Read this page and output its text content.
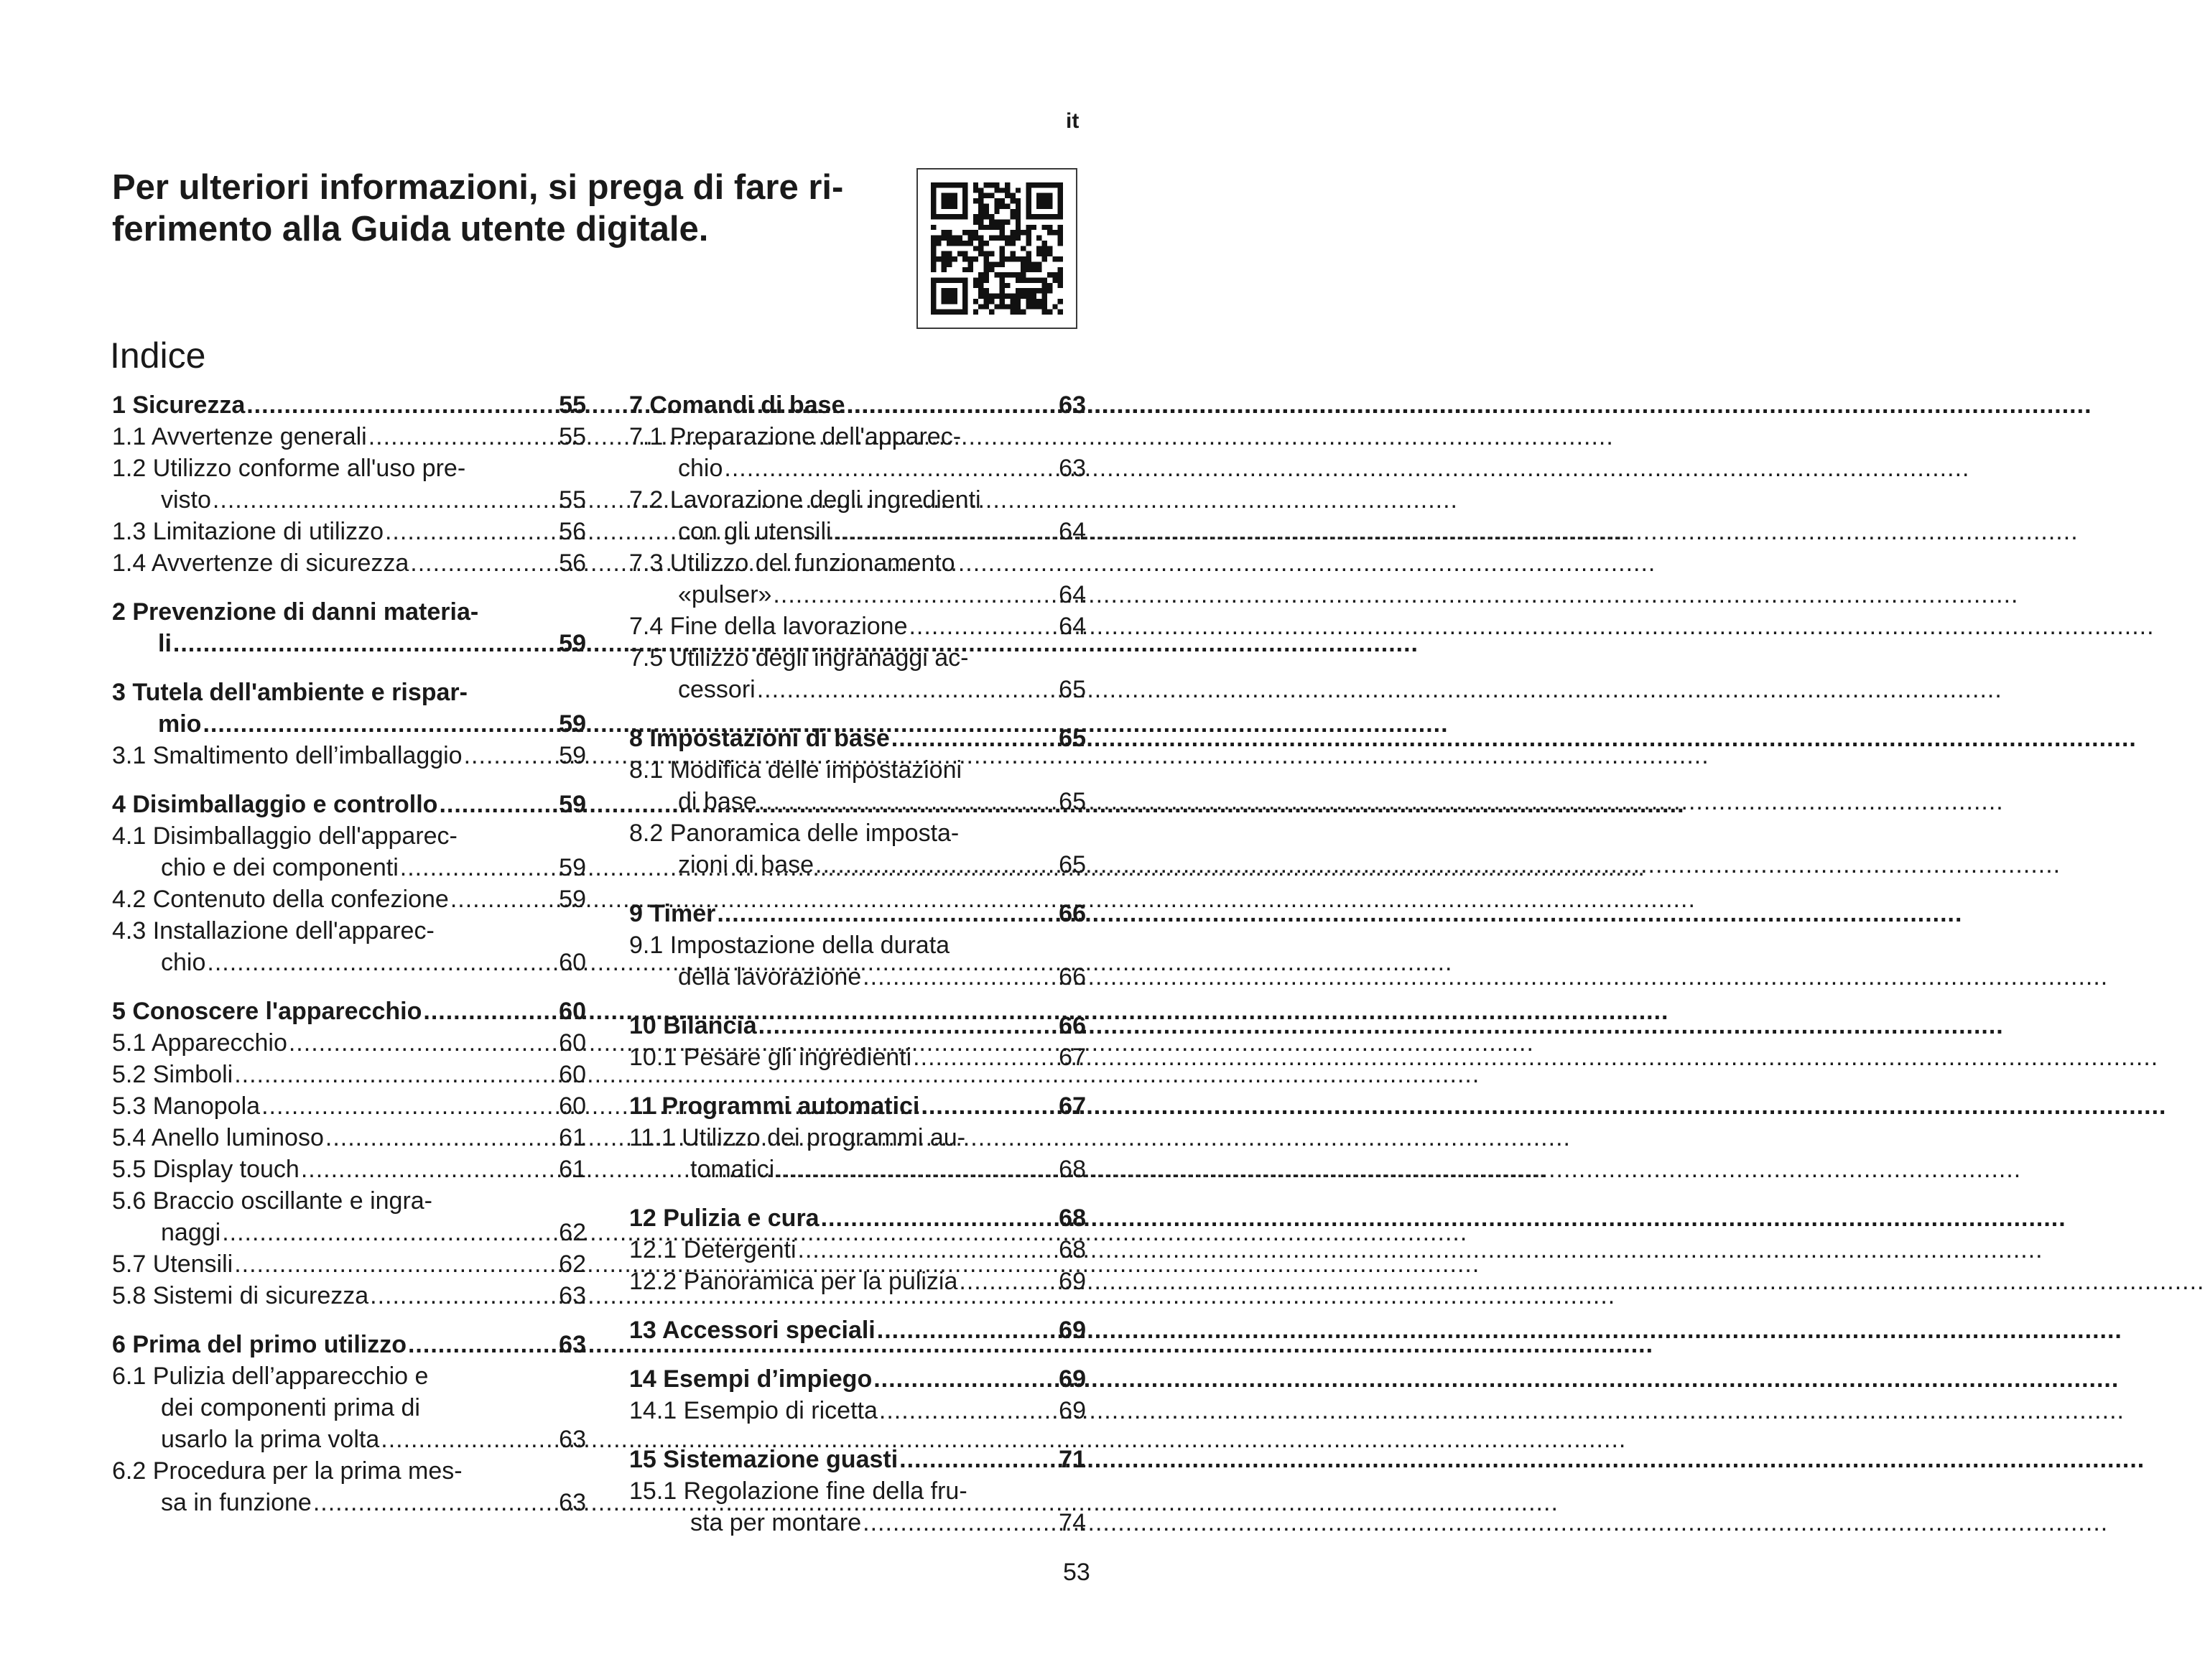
it
Per ulteriori informazioni, si prega di fare ri-
ferimento alla Guida utente digitale.
Indice
1 Sicurezza .....	55
1.1 Avvertenze generali .....	55
1.2 Utilizzo conforme all'uso pre-
visto .....	55
1.3 Limitazione di utilizzo .....	56
1.4 Avvertenze di sicurezza .....	56
2 Prevenzione di danni materia-
li .....	59
3 Tutela dell'ambiente e rispar-
mio .....	59
3.1 Smaltimento dell’imballaggio .....	59
4 Disimballaggio e controllo .....	59
4.1 Disimballaggio dell'apparec-
chio e dei componenti .....	59
4.2 Contenuto della confezione .....	59
4.3 Installazione dell'apparec-
chio .....	60
5 Conoscere l'apparecchio .....	60
5.1 Apparecchio .....	60
5.2 Simboli .....	60
5.3 Manopola .....	60
5.4 Anello luminoso .....	61
5.5 Display touch .....	61
5.6 Braccio oscillante e ingra-
naggi .....	62
5.7 Utensili .....	62
5.8 Sistemi di sicurezza .....	63
6 Prima del primo utilizzo .....	63
6.1 Pulizia dell’apparecchio e
dei componenti prima di
usarlo la prima volta .....	63
6.2 Procedura per la prima mes-
sa in funzione .....	63
7 Comandi di base .....	63
7.1 Preparazione dell'apparec-
chio .....	63
7.2 Lavorazione degli ingredienti
con gli utensili .....	64
7.3 Utilizzo del funzionamento
«pulser» .....	64
7.4 Fine della lavorazione .....	64
7.5 Utilizzo degli ingranaggi ac-
cessori .....	65
8 Impostazioni di base .....	65
8.1 Modifica delle impostazioni
di base .....	65
8.2 Panoramica delle imposta-
zioni di base .....	65
9 Timer .....	66
9.1 Impostazione della durata
della lavorazione .....	66
10 Bilancia .....	66
10.1 Pesare gli ingredienti .....	67
11 Programmi automatici .....	67
11.1 Utilizzo dei programmi au-
tomatici .....	68
12 Pulizia e cura .....	68
12.1 Detergenti .....	68
12.2 Panoramica per la pulizia .....	69
13 Accessori speciali .....	69
14 Esempi d’impiego .....	69
14.1 Esempio di ricetta .....	69
15 Sistemazione guasti .....	71
15.1 Regolazione fine della fru-
sta per montare .....	74
53
